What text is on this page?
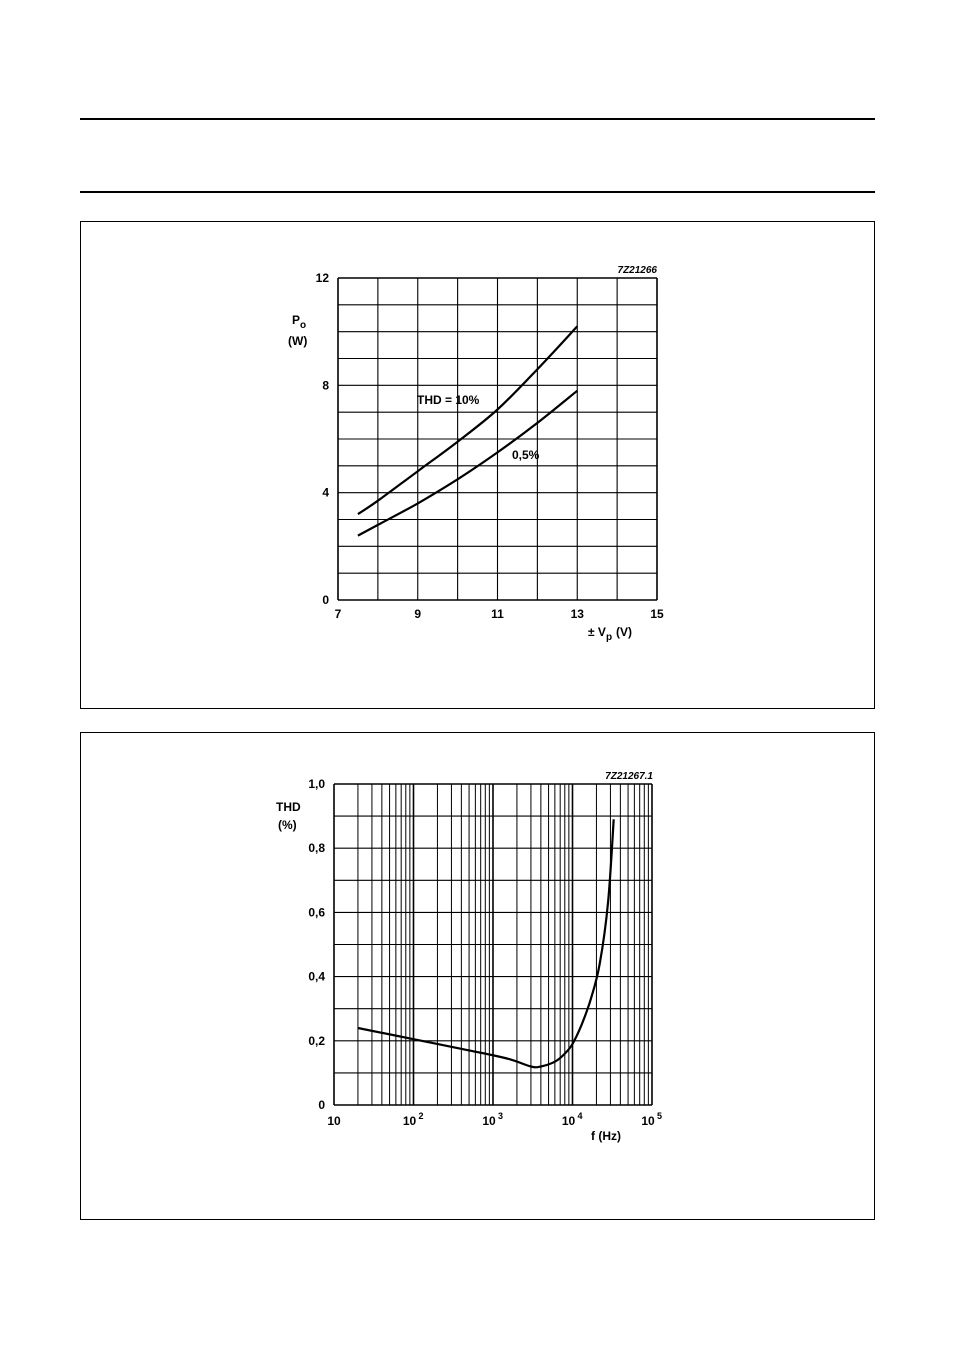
7Z21266
$P_o$
(W)
± $V_p$ (V)
THD = 10%
0,5%
7	9	11	13	15
0
4
8
12
7Z21267.1
THD
(%)
f (Hz)
10	10 2	10 3	10 4	10 5
0
0,2
0,4
0,6
0,8
1,0
